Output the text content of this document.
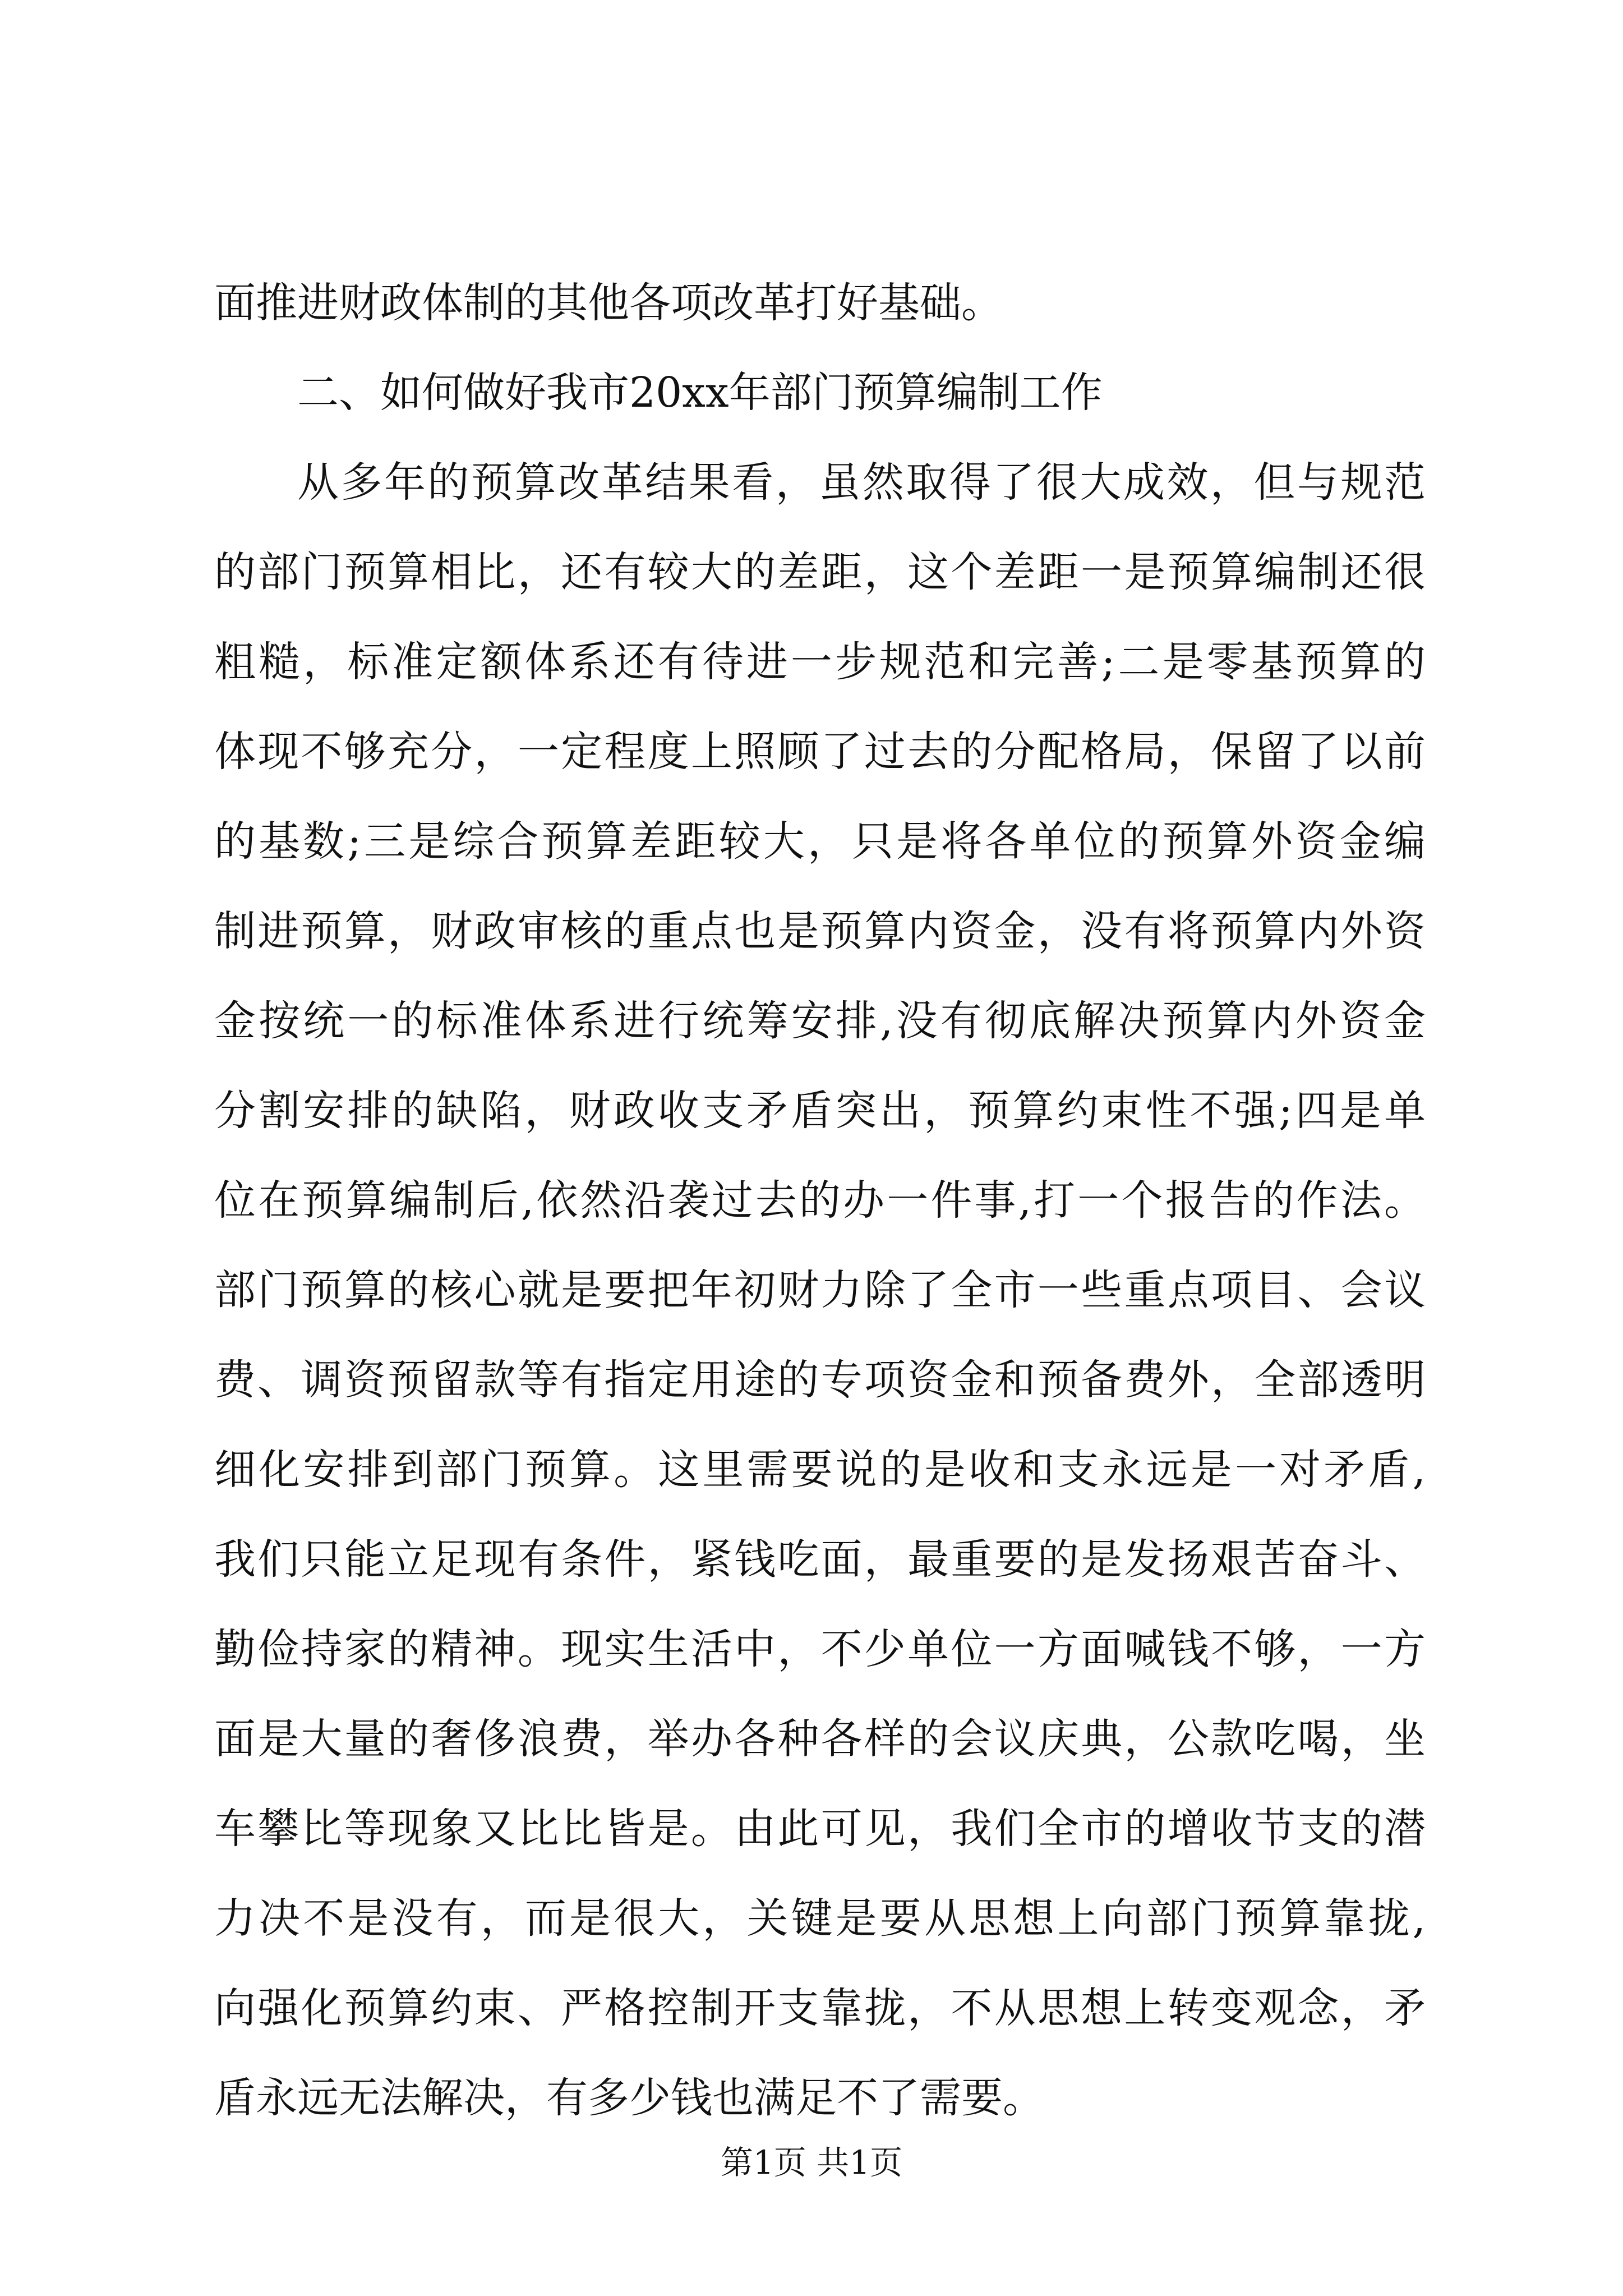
面推进财政体制的其他各项改革打好基础。
二、如何做好我市20xx年部门预算编制工作
从多年的预算改革结果看，虽然取得了很大成效，但与规范
的部门预算相比，还有较大的差距，这个差距一是预算编制还很
粗糙，标准定额体系还有待进一步规范和完善;二是零基预算的
体现不够充分，一定程度上照顾了过去的分配格局，保留了以前
的基数;三是综合预算差距较大，只是将各单位的预算外资金编
制进预算，财政审核的重点也是预算内资金，没有将预算内外资
金按统一的标准体系进行统筹安排,没有彻底解决预算内外资金
分割安排的缺陷，财政收支矛盾突出，预算约束性不强;四是单
位在预算编制后,依然沿袭过去的办一件事,打一个报告的作法。
部门预算的核心就是要把年初财力除了全市一些重点项目、会议
费、调资预留款等有指定用途的专项资金和预备费外，全部透明
细化安排到部门预算。这里需要说的是收和支永远是一对矛盾,
我们只能立足现有条件，紧钱吃面，最重要的是发扬艰苦奋斗、
勤俭持家的精神。现实生活中，不少单位一方面喊钱不够，一方
面是大量的奢侈浪费，举办各种各样的会议庆典，公款吃喝，坐
车攀比等现象又比比皆是。由此可见，我们全市的增收节支的潜
力决不是没有，而是很大，关键是要从思想上向部门预算靠拢,
向强化预算约束、严格控制开支靠拢，不从思想上转变观念，矛
盾永远无法解决，有多少钱也满足不了需要。
第1页 共1页
